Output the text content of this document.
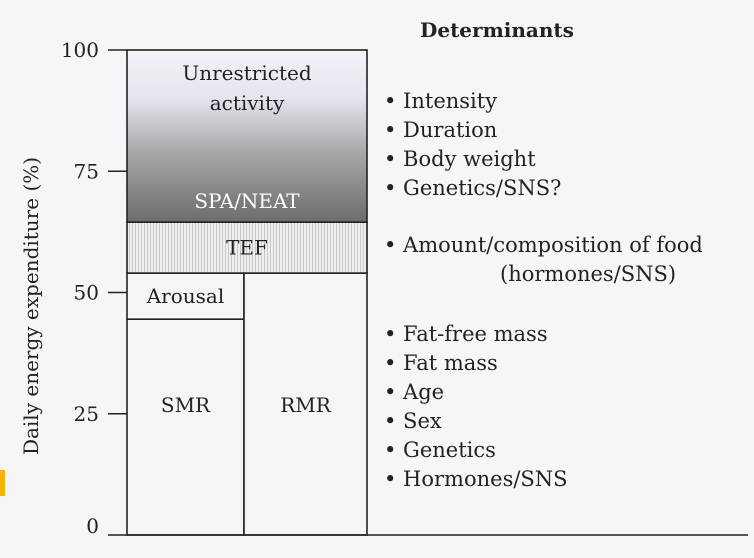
SMR
Arousal
RMR
TEF
SPA/NEAT
Unrestricted
activity
0
25
50
75
100
Daily energy expenditure (%)
Determinants
• Intensity
• Duration
• Body weight
• Genetics/SNS?
• Amount/composition of food
(hormones/SNS)
• Fat-free mass
• Fat mass
• Age
• Sex
• Genetics
• Hormones/SNS
